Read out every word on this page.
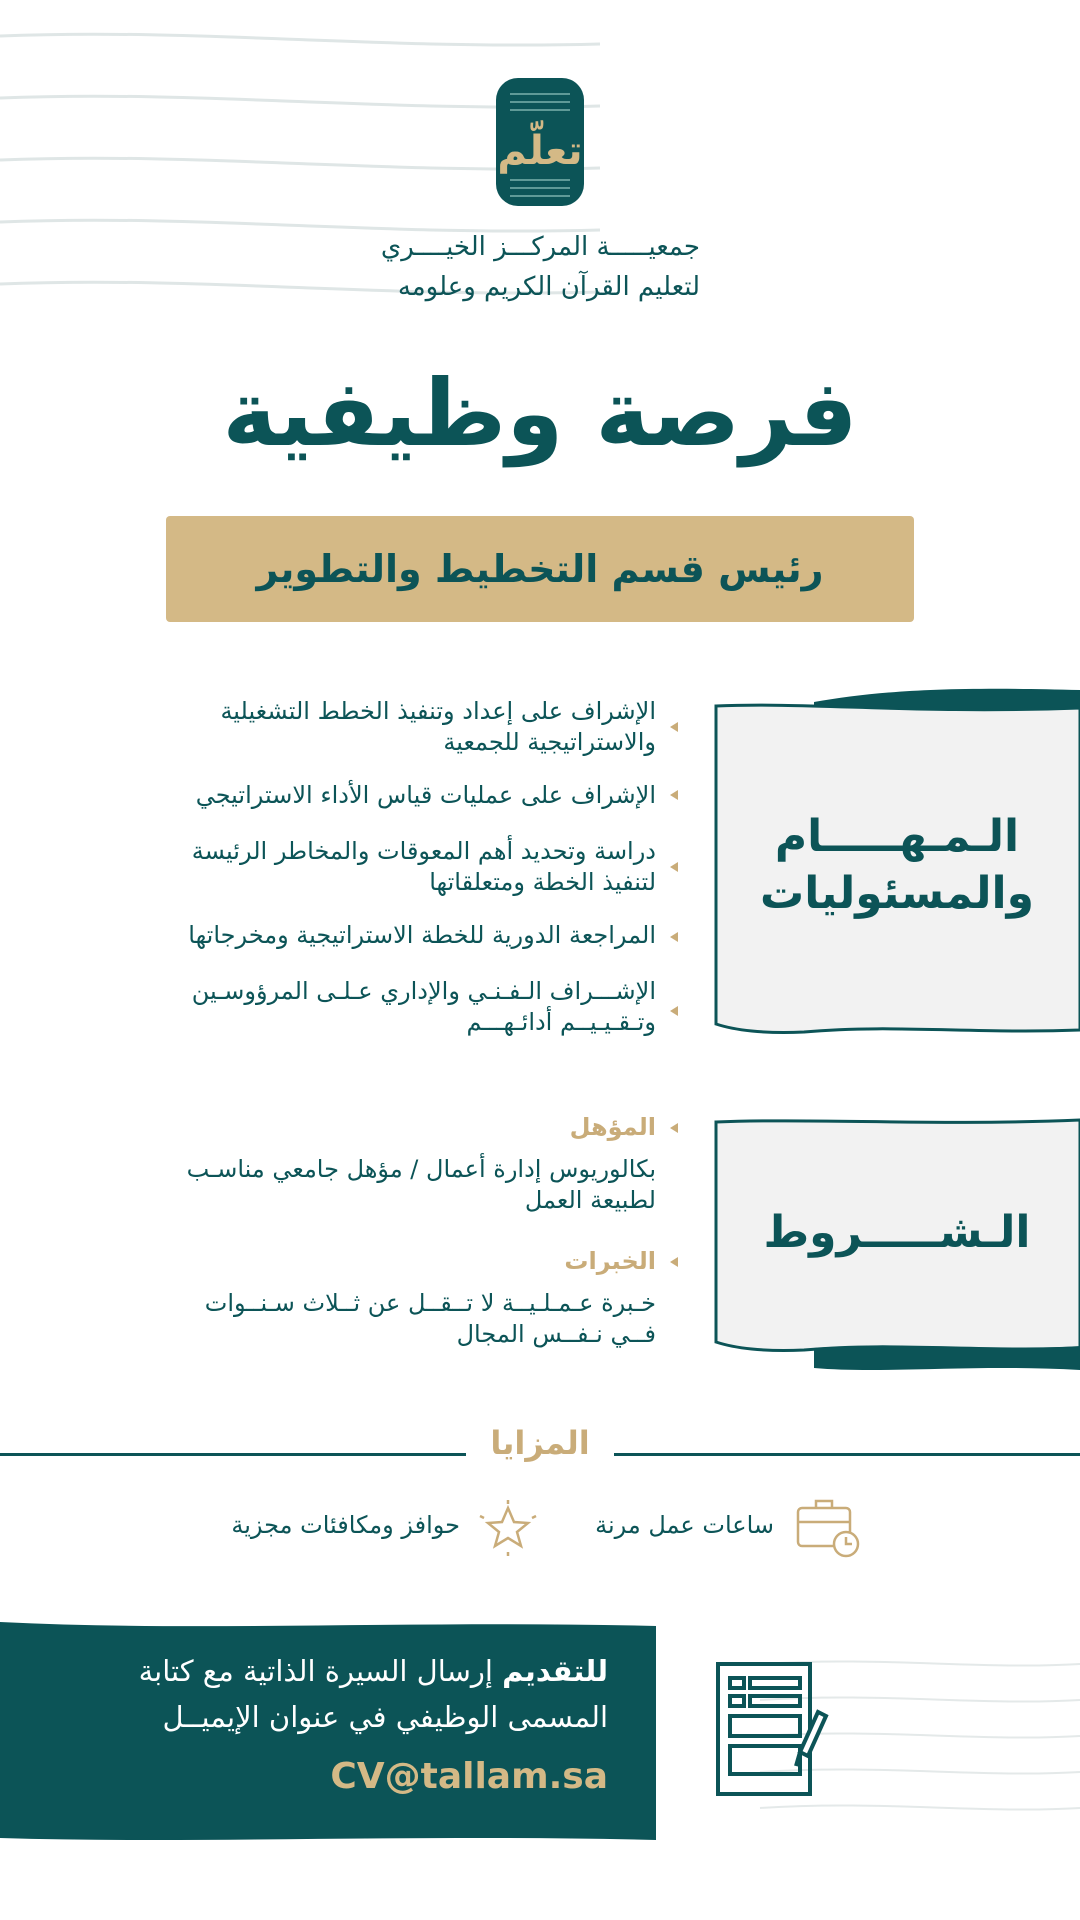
تعلّم
جمعيـــــة المركـــز الخيــــري
لتعليم القرآن الكريم وعلومه
فرصة وظيفية
رئيس قسم التخطيط والتطوير
الـمـهـــــام
والمسئوليات
الإشراف على إعداد وتنفيذ الخطط التشغيلية والاستراتيجية للجمعية
الإشراف على عمليات قياس الأداء الاستراتيجي
دراسة وتحديد أهم المعوقات والمخاطر الرئيسة لتنفيذ الخطة ومتعلقاتها
المراجعة الدورية للخطة الاستراتيجية ومخرجاتها
الإشـــراف الـفـنـي والإداري عـلـى المرؤوسـين وتـقـيـيــم أدائـهـــم
الـشـــــروط
المؤهل
بكالوريوس إدارة أعمال / مؤهل جامعي مناسـب لطبيعة العمل
الخبرات
خـبرة عـمـلـيــة لا تــقــل عن ثــلاث سـنــوات فــي نـفــس المجال
المزايا
ساعات عمل مرنة
حوافز ومكافئات مجزية
للتقديم إرسال السيرة الذاتية مع كتابة
المسمى الوظيفي في عنوان الإيميــل
CV@tallam.sa
